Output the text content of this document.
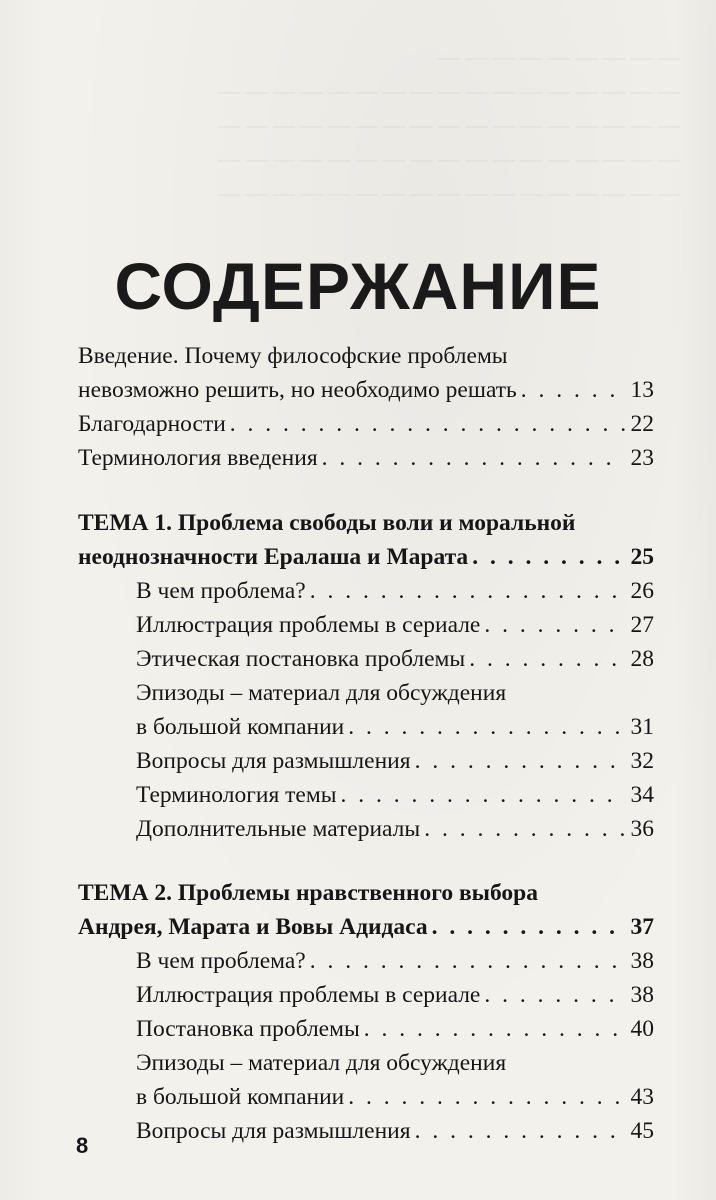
— — — — — — — — —
— — — — — — — — — — — — — — — — —
— — — — — — — — — — — — — — — — —
— — — — — — — — — — — — — — — — —
— — — — — — — — — — — — — — — — —
СОДЕРЖАНИЕ
Введение. Почему философские проблемы
невозможно решить, но необходимо решать . . .	13
Благодарности . . .	22
Терминология введения . . .	23
ТЕМА 1. Проблема свободы воли и моральной
неоднозначности Ералаша и Марата . . .	25
В чем проблема? . . .	26
Иллюстрация проблемы в сериале . . .	27
Этическая постановка проблемы . . .	28
Эпизоды – материал для обсуждения
в большой компании . . .	31
Вопросы для размышления . . .	32
Терминология темы . . .	34
Дополнительные материалы . . .	36
ТЕМА 2. Проблемы нравственного выбора
Андрея, Марата и Вовы Адидаса . . .	37
В чем проблема? . . .	38
Иллюстрация проблемы в сериале . . .	38
Постановка проблемы . . .	40
Эпизоды – материал для обсуждения
в большой компании . . .	43
Вопросы для размышления . . .	45
8
